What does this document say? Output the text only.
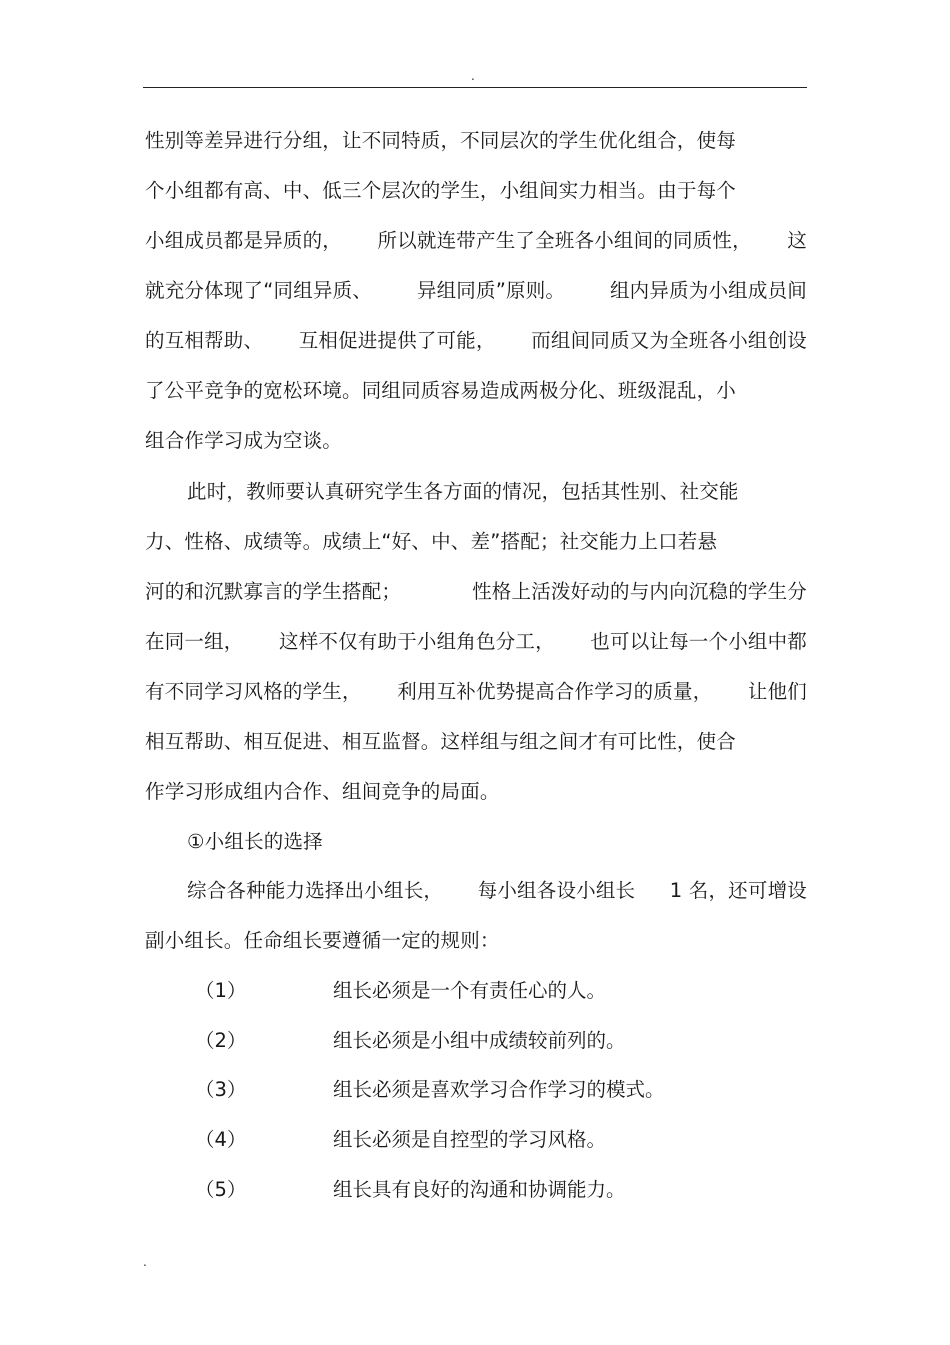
.
性别等差异进行分组，让不同特质，不同层次的学生优化组合，使每
个小组都有高、中、低三个层次的学生，小组间实力相当。由于每个
小组成员都是异质的， 所以就连带产生了全班各小组间的同质性， 这
就充分体现了“同组异质、 异组同质”原则。 组内异质为小组成员间
的互相帮助、 互相促进提供了可能， 而组间同质又为全班各小组创设
了公平竞争的宽松环境。同组同质容易造成两极分化、班级混乱，小
组合作学习成为空谈。
此时，教师要认真研究学生各方面的情况，包括其性别、社交能
力、性格、成绩等。成绩上“好、中、差”搭配；社交能力上口若悬
河的和沉默寡言的学生搭配；	性格上活泼好动的与内向沉稳的学生分
在同一组， 这样不仅有助于小组角色分工， 也可以让每一个小组中都
有不同学习风格的学生， 利用互补优势提高合作学习的质量， 让他们
相互帮助、相互促进、相互监督。这样组与组之间才有可比性，使合
作学习形成组内合作、组间竞争的局面。
①小组长的选择
综合各种能力选择出小组长， 每小组各设小组长 1 名，还可增设
副小组长。任命组长要遵循一定的规则：
（1）	组长必须是一个有责任心的人。
（2）	组长必须是小组中成绩较前列的。
（3）	组长必须是喜欢学习合作学习的模式。
（4）	组长必须是自控型的学习风格。
（5）	组长具有良好的沟通和协调能力。
.
